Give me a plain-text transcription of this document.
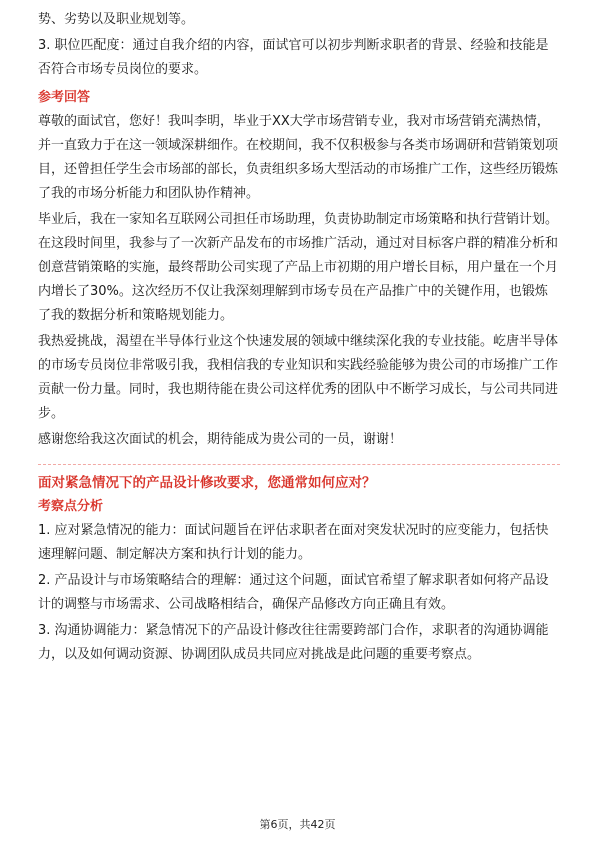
势、劣势以及职业规划等。

3. 职位匹配度：通过自我介绍的内容，面试官可以初步判断求职者的背景、经验和技能是否符合市场专员岗位的要求。

参考回答

尊敬的面试官，您好！我叫李明，毕业于XX大学市场营销专业，我对市场营销充满热情，并一直致力于在这一领域深耕细作。在校期间，我不仅积极参与各类市场调研和营销策划项目，还曾担任学生会市场部的部长，负责组织多场大型活动的市场推广工作，这些经历锻炼了我的市场分析能力和团队协作精神。

毕业后，我在一家知名互联网公司担任市场助理，负责协助制定市场策略和执行营销计划。在这段时间里，我参与了一次新产品发布的市场推广活动，通过对目标客户群的精准分析和创意营销策略的实施，最终帮助公司实现了产品上市初期的用户增长目标，用户量在一个月内增长了30%。这次经历不仅让我深刻理解到市场专员在产品推广中的关键作用，也锻炼了我的数据分析和策略规划能力。

我热爱挑战，渴望在半导体行业这个快速发展的领域中继续深化我的专业技能。屹唐半导体的市场专员岗位非常吸引我，我相信我的专业知识和实践经验能够为贵公司的市场推广工作贡献一份力量。同时，我也期待能在贵公司这样优秀的团队中不断学习成长，与公司共同进步。

感谢您给我这次面试的机会，期待能成为贵公司的一员，谢谢！

面对紧急情况下的产品设计修改要求，您通常如何应对？
考察点分析

1. 应对紧急情况的能力：面试问题旨在评估求职者在面对突发状况时的应变能力，包括快速理解问题、制定解决方案和执行计划的能力。

2. 产品设计与市场策略结合的理解：通过这个问题，面试官希望了解求职者如何将产品设计的调整与市场需求、公司战略相结合，确保产品修改方向正确且有效。

3. 沟通协调能力：紧急情况下的产品设计修改往往需要跨部门合作，求职者的沟通协调能力，以及如何调动资源、协调团队成员共同应对挑战是此问题的重要考察点。

第6页，共42页
